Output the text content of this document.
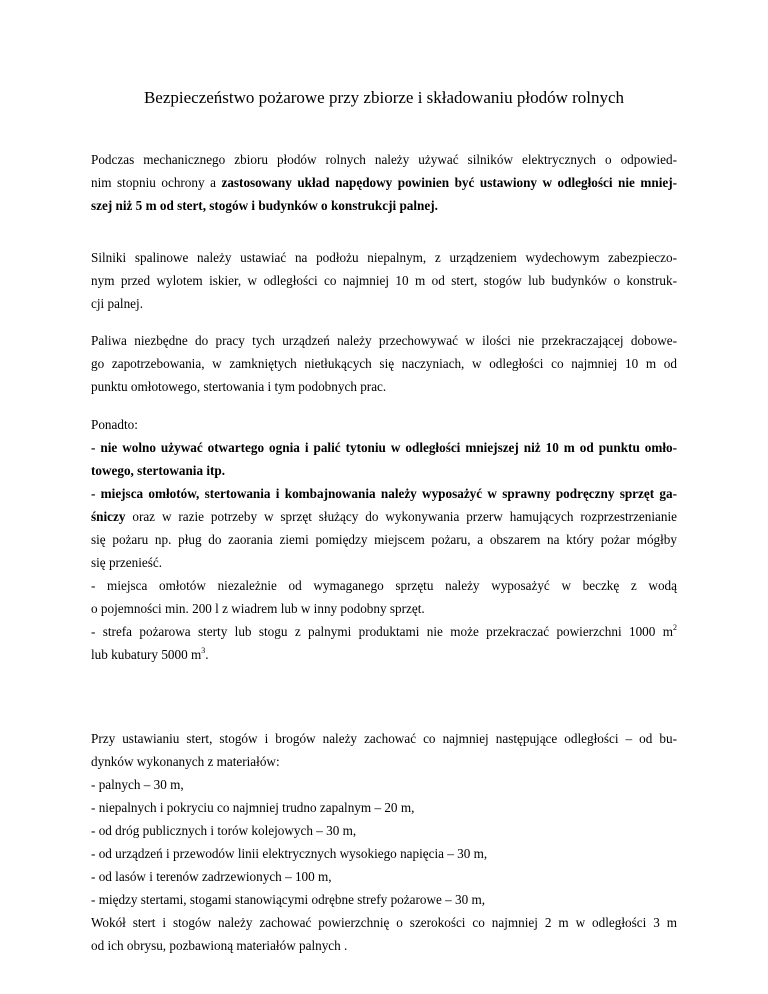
Bezpieczeństwo pożarowe przy zbiorze i składowaniu płodów rolnych

Podczas mechanicznego zbioru płodów rolnych należy używać silników elektrycznych o odpowied-

nim stopniu ochrony a zastosowany układ napędowy powinien być ustawiony w odległości nie mniej-

szej niż 5 m od stert, stogów i budynków o konstrukcji palnej.

Silniki spalinowe należy ustawiać na podłożu niepalnym, z urządzeniem wydechowym zabezpieczo-

nym przed wylotem iskier, w odległości co najmniej 10 m od stert, stogów lub budynków o konstruk-

cji palnej.

Paliwa niezbędne do pracy tych urządzeń należy przechowywać w ilości nie przekraczającej dobowe-

go zapotrzebowania, w zamkniętych nietłukących się naczyniach, w odległości co najmniej 10 m od

punktu omłotowego, stertowania i tym podobnych prac.

Ponadto:

- nie wolno używać otwartego ognia i palić tytoniu w odległości mniejszej niż 10 m od punktu omło-

towego, stertowania itp.

- miejsca omłotów, stertowania i kombajnowania należy wyposażyć w sprawny podręczny sprzęt ga-

śniczy oraz w razie potrzeby w sprzęt służący do wykonywania przerw hamujących rozprzestrzenianie

się pożaru np. pług do zaorania ziemi pomiędzy miejscem pożaru, a obszarem na który pożar mógłby

się przenieść.

- miejsca omłotów niezależnie od wymaganego sprzętu należy wyposażyć w beczkę z wodą

o pojemności min. 200 l z wiadrem lub w inny podobny sprzęt.

- strefa pożarowa sterty lub stogu z palnymi produktami nie może przekraczać powierzchni 1000 $m^2$

lub kubatury 5000 $m^3$.

Przy ustawianiu stert, stogów i brogów należy zachować co najmniej następujące odległości – od bu-

dynków wykonanych z materiałów:

- palnych – 30 m,

- niepalnych i pokryciu co najmniej trudno zapalnym – 20 m,

- od dróg publicznych i torów kolejowych – 30 m,

- od urządzeń i przewodów linii elektrycznych wysokiego napięcia – 30 m,

- od lasów i terenów zadrzewionych – 100 m,

- między stertami, stogami stanowiącymi odrębne strefy pożarowe – 30 m,

Wokół stert i stogów należy zachować powierzchnię o szerokości co najmniej 2 m w odległości 3 m

od ich obrysu, pozbawioną materiałów palnych .
